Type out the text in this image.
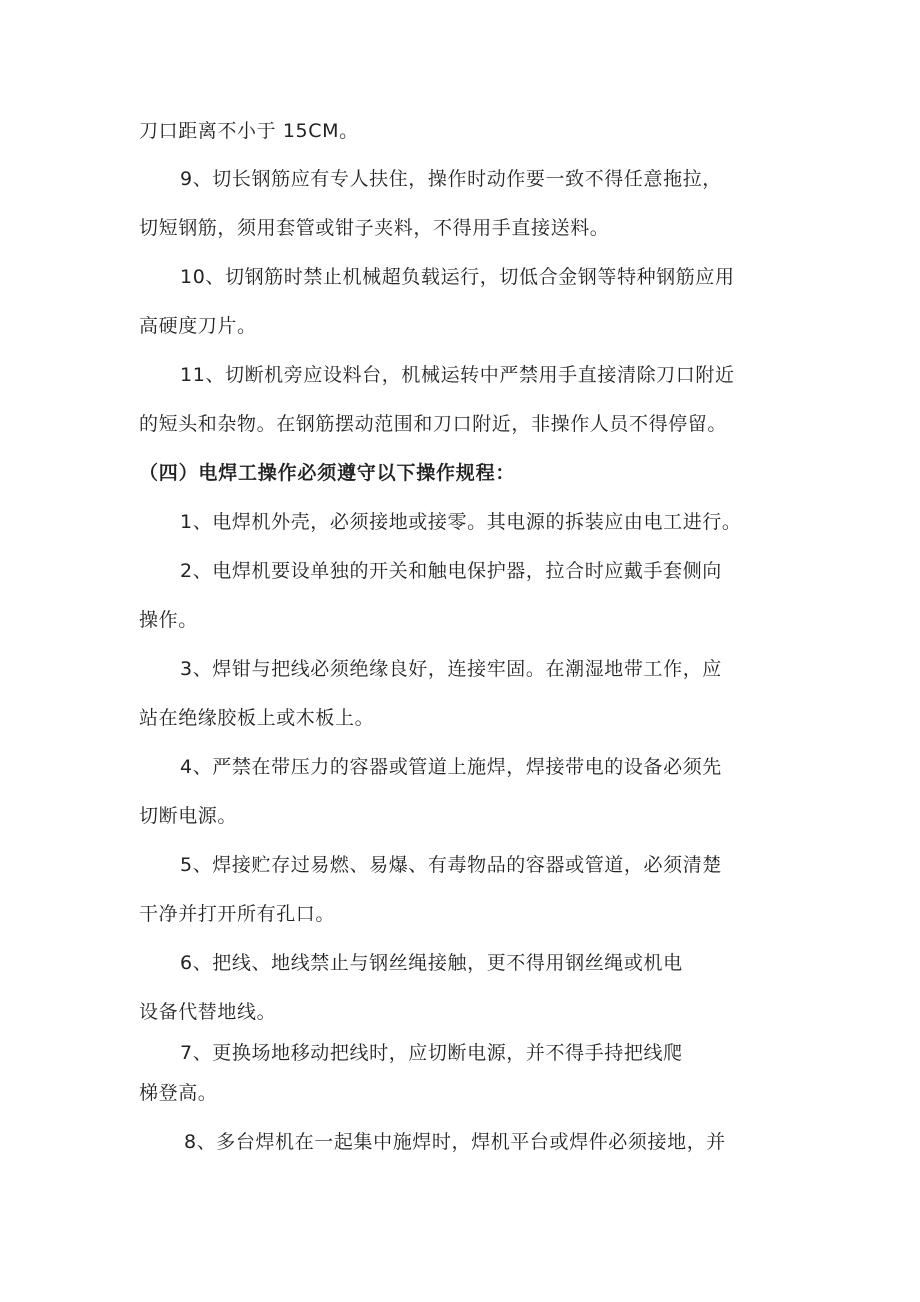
刀口距离不小于 15CM。
9、切长钢筋应有专人扶住，操作时动作要一致不得任意拖拉，
切短钢筋，须用套管或钳子夹料，不得用手直接送料。
10、切钢筋时禁止机械超负载运行，切低合金钢等特种钢筋应用
高硬度刀片。
11、切断机旁应设料台，机械运转中严禁用手直接清除刀口附近
的短头和杂物。在钢筋摆动范围和刀口附近，非操作人员不得停留。
（四）电焊工操作必须遵守以下操作规程：
1、电焊机外壳，必须接地或接零。其电源的拆装应由电工进行。
2、电焊机要设单独的开关和触电保护器，拉合时应戴手套侧向
操作。
3、焊钳与把线必须绝缘良好，连接牢固。在潮湿地带工作，应
站在绝缘胶板上或木板上。
4、严禁在带压力的容器或管道上施焊，焊接带电的设备必须先
切断电源。
5、焊接贮存过易燃、易爆、有毒物品的容器或管道，必须清楚
干净并打开所有孔口。
6、把线、地线禁止与钢丝绳接触，更不得用钢丝绳或机电
设备代替地线。
7、更换场地移动把线时，应切断电源，并不得手持把线爬
梯登高。
8、多台焊机在一起集中施焊时，焊机平台或焊件必须接地，并
